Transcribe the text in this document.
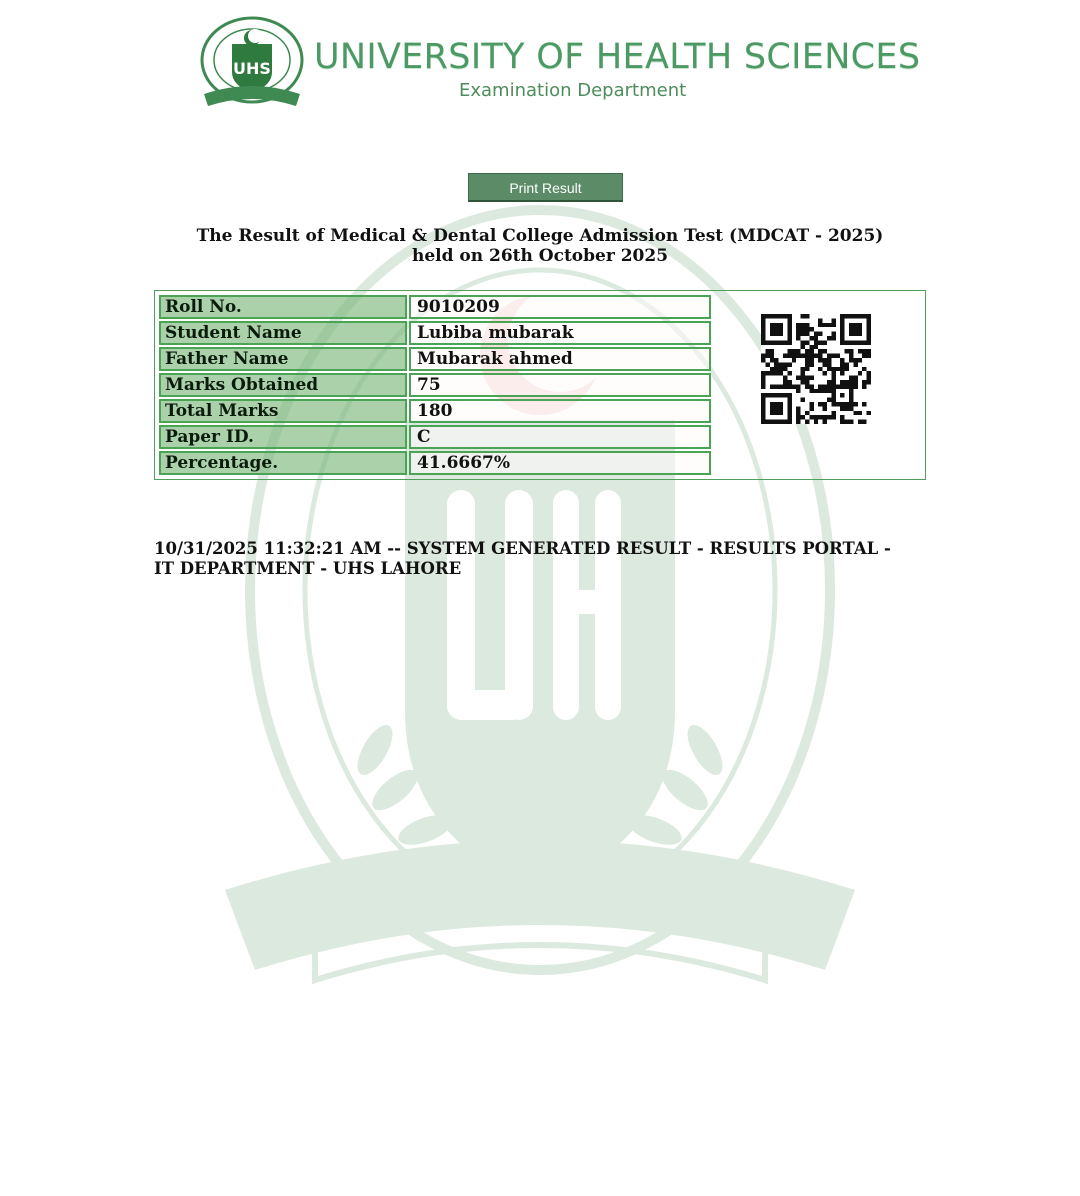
UHS UNIVERSITY OF HEALTH SCIENCES
Examination Department
Print Result
The Result of Medical & Dental College Admission Test (MDCAT - 2025)
held on 26th October 2025
Roll No.	9010209
Student Name	Lubiba mubarak
Father Name	Mubarak ahmed
Marks Obtained	75
Total Marks	180
Paper ID.	C
Percentage.	41.6667%
10/31/2025 11:32:21 AM -- SYSTEM GENERATED RESULT - RESULTS PORTAL - IT DEPARTMENT - UHS LAHORE
